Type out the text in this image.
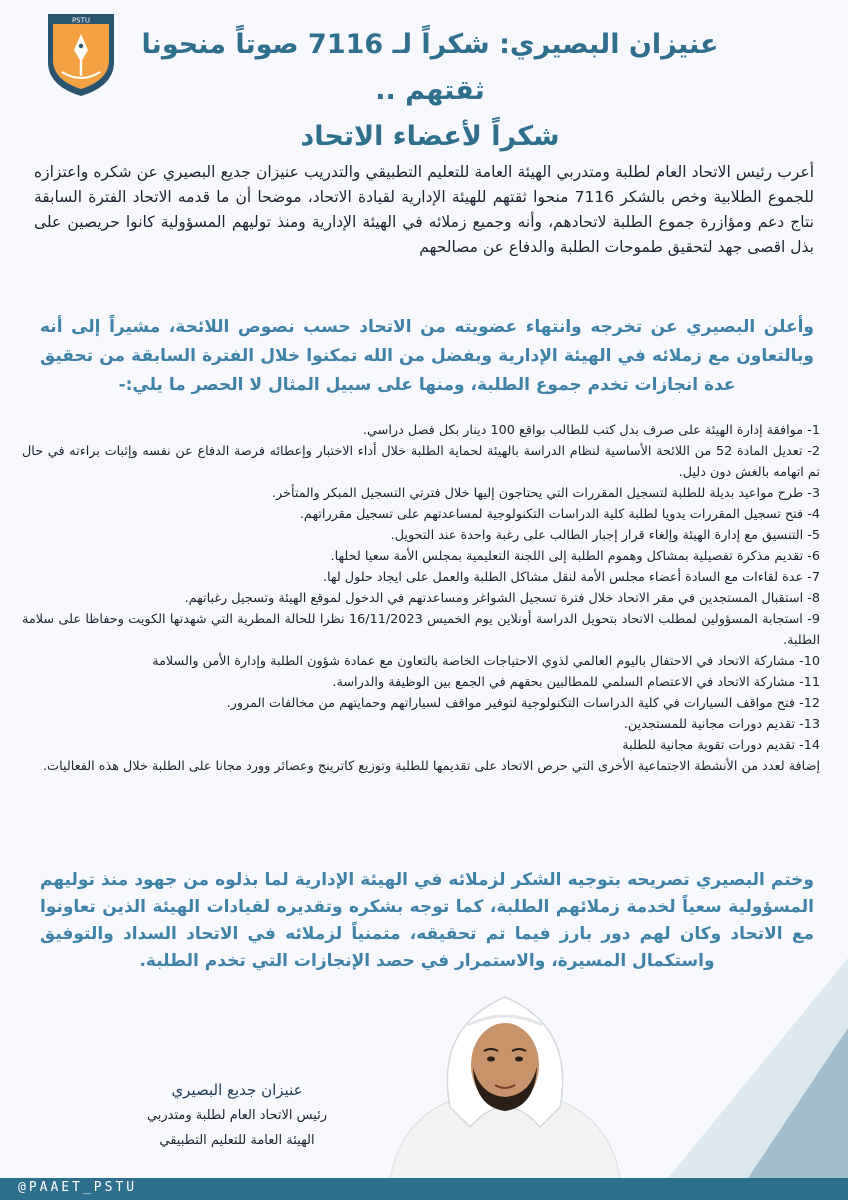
PSTU
عنيزان البصيري: شكراً لـ 7116 صوتاً منحونا ثقتهم ..
شكراً لأعضاء الاتحاد
أعرب رئيس الاتحاد العام لطلبة ومتدربي الهيئة العامة للتعليم التطبيقي والتدريب عنيزان جديع البصيري عن شكره واعتزازه للجموع الطلابية وخص بالشكر 7116 منحوا ثقتهم للهيئة الإدارية لقيادة الاتحاد، موضحا أن ما قدمه الاتحاد الفترة السابقة نتاج دعم ومؤازرة جموع الطلبة لاتحادهم، وأنه وجميع زملائه في الهيئة الإدارية ومنذ توليهم المسؤولية كانوا حريصين على بذل اقصى جهد لتحقيق طموحات الطلبة والدفاع عن مصالحهم
وأعلن البصيري عن تخرجه وانتهاء عضويته من الاتحاد حسب نصوص اللائحة، مشيراً إلى أنه وبالتعاون مع زملائه في الهيئة الإدارية وبفضل من الله تمكنوا خلال الفترة السابقة من تحقيق عدة انجازات تخدم جموع الطلبة، ومنها على سبيل المثال لا الحصر ما يلي:-
1- موافقة إدارة الهيئة على صرف بدل كتب للطالب بواقع 100 دينار بكل فصل دراسي.
2- تعديل المادة 52 من اللائحة الأساسية لنظام الدراسة بالهيئة لحماية الطلبة خلال أداء الاختبار وإعطائه فرصة الدفاع عن نفسه وإثبات براءته في حال تم اتهامه بالغش دون دليل.
3- طرح مواعيد بديلة للطلبة لتسجيل المقررات التي يحتاجون إليها خلال فترتي التسجيل المبكر والمتأخر.
4- فتح تسجيل المقررات يدويا لطلبة كلية الدراسات التكنولوجية لمساعدتهم على تسجيل مقرراتهم.
5- التنسيق مع إدارة الهيئة وإلغاء قرار إجبار الطالب على رغبة واحدة عند التحويل.
6- تقديم مذكرة تفصيلية بمشاكل وهموم الطلبة إلى اللجنة التعليمية بمجلس الأمة سعيا لحلها.
7- عدة لقاءات مع السادة أعضاء مجلس الأمة لنقل مشاكل الطلبة والعمل على ايجاد حلول لها.
8- استقبال المستجدين في مقر الاتحاد خلال فترة تسجيل الشواغر ومساعدتهم في الدخول لموقع الهيئة وتسجيل رغباتهم.
9- استجابة المسؤولين لمطلب الاتحاد بتحويل الدراسة أونلاين يوم الخميس 16/11/2023 نظرا للحالة المطرية التي شهدتها الكويت وحفاظا على سلامة الطلبة.
10- مشاركة الاتحاد في الاحتفال باليوم العالمي لذوي الاحتياجات الخاصة بالتعاون مع عمادة شؤون الطلبة وإدارة الأمن والسلامة
11- مشاركة الاتحاد في الاعتصام السلمي للمطالبين بحقهم في الجمع بين الوظيفة والدراسة.
12- فتح مواقف السيارات في كلية الدراسات التكنولوجية لتوفير مواقف لسياراتهم وحمايتهم من مخالفات المرور.
13- تقديم دورات مجانية للمستجدين.
14- تقديم دورات تقوية مجانية للطلبة
إضافة لعدد من الأنشطة الاجتماعية الأخرى التي حرص الاتحاد على تقديمها للطلبة وتوزيع كاترينج وعصائر وورد مجانا على الطلبة خلال هذه الفعاليات.
وختم البصيري تصريحه بتوجيه الشكر لزملائه في الهيئة الإدارية لما بذلوه من جهود منذ توليهم المسؤولية سعياً لخدمة زملائهم الطلبة، كما توجه بشكره وتقديره لقيادات الهيئة الذين تعاونوا مع الاتحاد وكان لهم دور بارز فيما تم تحقيقه، متمنياً لزملائه في الاتحاد السداد والتوفيق واستكمال المسيرة، والاستمرار في حصد الإنجازات التي تخدم الطلبة.
عنيزان جديع البصيري
رئيس الاتحاد العام لطلبة ومتدربي
الهيئة العامة للتعليم التطبيقي
@PAAET_PSTU
